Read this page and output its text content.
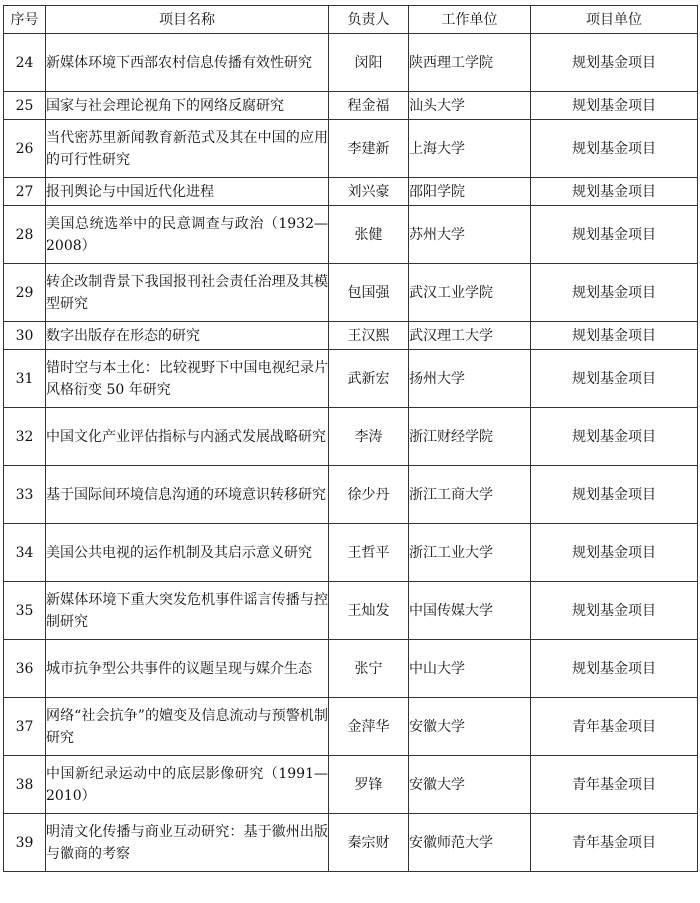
序号	项目名称	负责人	工作单位	项目单位
24	新媒体环境下西部农村信息传播有效性研究	闵阳	陕西理工学院	规划基金项目
25	国家与社会理论视角下的网络反腐研究	程金福	汕头大学	规划基金项目
26	当代密苏里新闻教育新范式及其在中国的应用的可行性研究	李建新	上海大学	规划基金项目
27	报刊舆论与中国近代化进程	刘兴豪	邵阳学院	规划基金项目
28	美国总统选举中的民意调查与政治（1932—2008）	张健	苏州大学	规划基金项目
29	转企改制背景下我国报刊社会责任治理及其模型研究	包国强	武汉工业学院	规划基金项目
30	数字出版存在形态的研究	王汉熙	武汉理工大学	规划基金项目
31	错时空与本土化：比较视野下中国电视纪录片风格衍变 50 年研究	武新宏	扬州大学	规划基金项目
32	中国文化产业评估指标与内涵式发展战略研究	李涛	浙江财经学院	规划基金项目
33	基于国际间环境信息沟通的环境意识转移研究	徐少丹	浙江工商大学	规划基金项目
34	美国公共电视的运作机制及其启示意义研究	王哲平	浙江工业大学	规划基金项目
35	新媒体环境下重大突发危机事件谣言传播与控制研究	王灿发	中国传媒大学	规划基金项目
36	城市抗争型公共事件的议题呈现与媒介生态	张宁	中山大学	规划基金项目
37	网络“社会抗争”的嬗变及信息流动与预警机制研究	金萍华	安徽大学	青年基金项目
38	中国新纪录运动中的底层影像研究（1991—2010）	罗锋	安徽大学	青年基金项目
39	明清文化传播与商业互动研究：基于徽州出版与徽商的考察	秦宗财	安徽师范大学	青年基金项目
